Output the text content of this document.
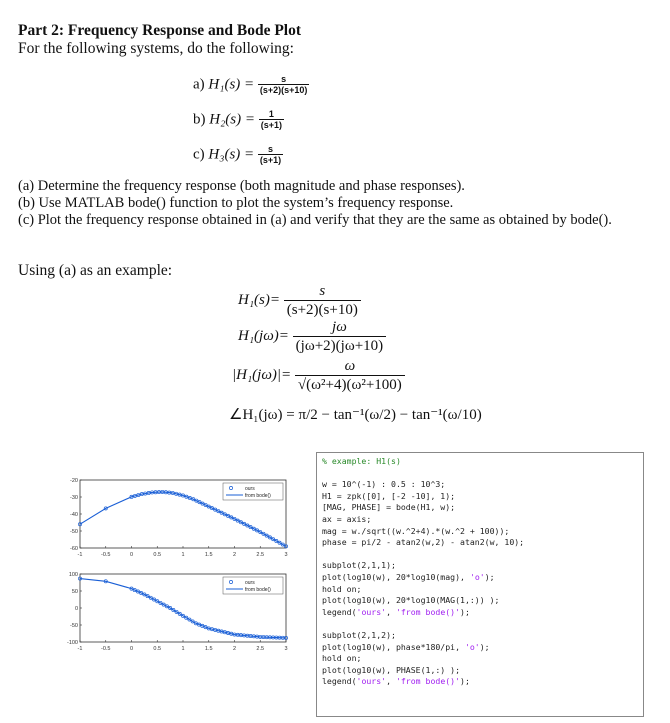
Part 2: Frequency Response and Bode Plot
For the following systems, do the following:
a) $H_1(s) = \frac{s}{(s+2)(s+10)}$
b) $H_2(s) = \frac{1}{(s+1)}$
c) $H_3(s) = \frac{s}{(s+1)}$
(a) Determine the frequency response (both magnitude and phase responses).
(b) Use MATLAB bode() function to plot the system’s frequency response.
(c) Plot the frequency response obtained in (a) and verify that they are the same as obtained by bode().
Using (a) as an example:
$H_1(s)= \frac{s}{(s+2)(s+10)}$
$H_1(j\omega)= \frac{j\omega}{(j\omega+2)(j\omega+10)}$
$|H_1(j\omega)|= \frac{\omega}{\text{√(ω²+4)(ω²+100)}}$
∠H₁(jω) = π/2 − tan⁻¹(ω/2) − tan⁻¹(ω/10)
-1	-0.5	0	0.5	1	1.5	2	2.5	3
-20
-30
-40
-50
-60
ours
from bode()
-1	-0.5	0	0.5	1	1.5	2	2.5	3
100
50
0
-50
-100
ours
from bode()
% example: H1(s)

w = 10^(-1) : 0.5 : 10^3;
H1 = zpk([0], [-2 -10], 1);
[MAG, PHASE] = bode(H1, w);
ax = axis;
mag = w./sqrt((w.^2+4).*(w.^2 + 100));
phase = pi/2 - atan2(w,2) - atan2(w, 10);

subplot(2,1,1);
plot(log10(w), 20*log10(mag), 'o');
hold on;
plot(log10(w), 20*log10(MAG(1,:)) );
legend('ours', 'from bode()');

subplot(2,1,2);
plot(log10(w), phase*180/pi, 'o');
hold on;
plot(log10(w), PHASE(1,:) );
legend('ours', 'from bode()');
